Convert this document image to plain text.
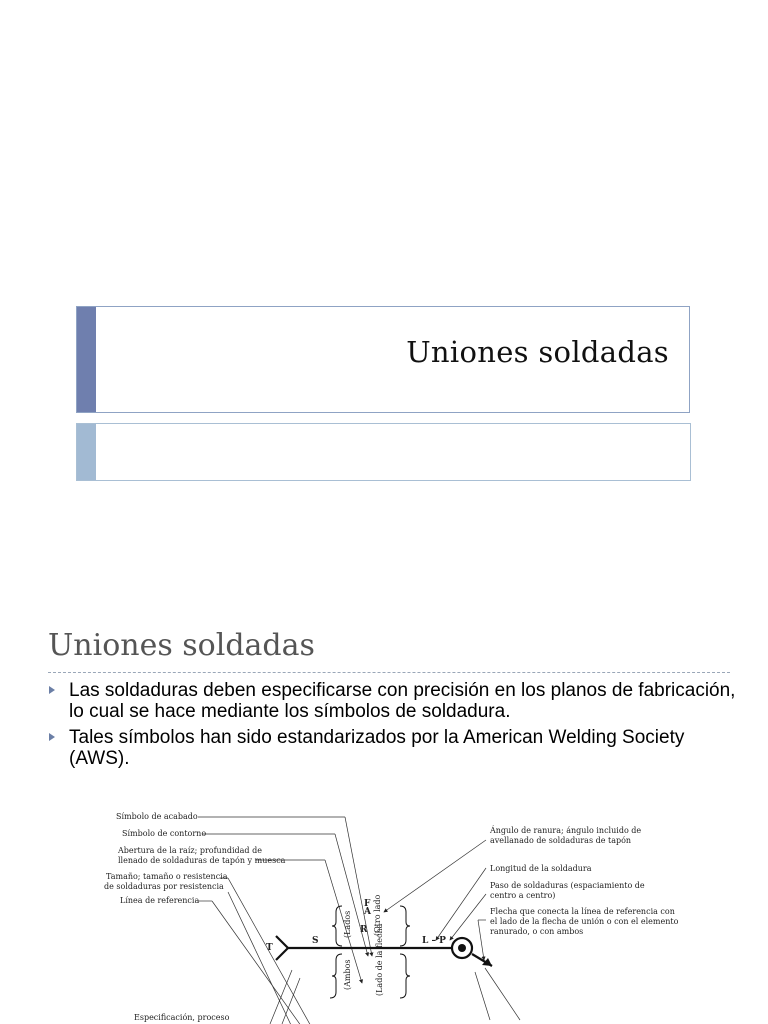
Uniones soldadas
Uniones soldadas
Las soldaduras deben especificarse con precisión en los planos de fabricación, lo cual se hace mediante los símbolos de soldadura.
Tales símbolos han sido estandarizados por la American Welding Society (AWS).
Símbolo de acabado
Símbolo de contorno
Abertura de la raíz; profundidad de
llenado de soldaduras de tapón y muesca
Tamaño; tamaño o resistencia
de soldaduras por resistencia
Línea de referencia
Especificación, proceso
Ángulo de ranura; ángulo incluido de
avellanado de soldaduras de tapón
Longitud de la soldadura
Paso de soldaduras (espaciamiento de
centro a centro)
Flecha que conecta la línea de referencia con
el lado de la flecha de unión o con el elemento
ranurado, o con ambos
(Lados	(Otro lado
(Ambos	(Lado de la flecha
F
A
R
S
T
L – P
